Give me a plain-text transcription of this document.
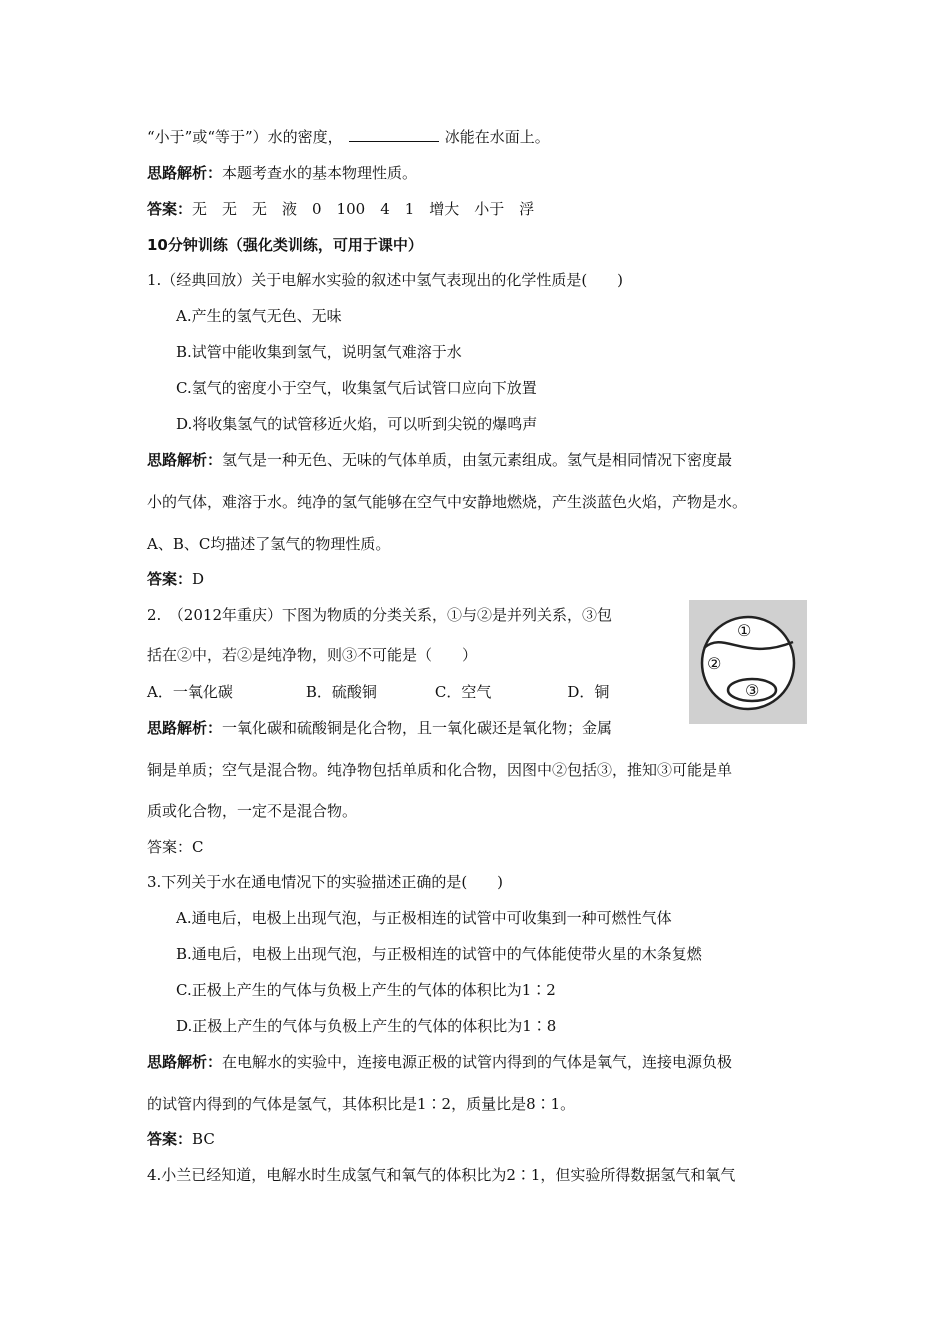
“小于”或“等于”）水的密度，	冰能在水面上。
思路解析：本题考查水的基本物理性质。
答案：无　无　无　液　0　100　4　1　增大　小于　浮
10分钟训练（强化类训练，可用于课中）
1.（经典回放）关于电解水实验的叙述中氢气表现出的化学性质是(　　)
A.产生的氢气无色、无味
B.试管中能收集到氢气，说明氢气难溶于水
C.氢气的密度小于空气，收集氢气后试管口应向下放置
D.将收集氢气的试管移近火焰，可以听到尖锐的爆鸣声
思路解析：氢气是一种无色、无味的气体单质，由氢元素组成。氢气是相同情况下密度最
小的气体，难溶于水。纯净的氢气能够在空气中安静地燃烧，产生淡蓝色火焰，产物是水。
A、B、C均描述了氢气的物理性质。
答案：D
2.　（2012年重庆）下图为物质的分类关系，①与②是并列关系，③包
括在②中，若②是纯净物，则③不可能是（　　）
A．一氧化碳	B．硫酸铜	C．空气	D．铜
①
②
③
思路解析：一氧化碳和硫酸铜是化合物，且一氧化碳还是氧化物；金属
铜是单质；空气是混合物。纯净物包括单质和化合物，因图中②包括③，推知③可能是单
质或化合物，一定不是混合物。
答案：C
3.下列关于水在通电情况下的实验描述正确的是(　　)
A.通电后，电极上出现气泡，与正极相连的试管中可收集到一种可燃性气体
B.通电后，电极上出现气泡，与正极相连的试管中的气体能使带火星的木条复燃
C.正极上产生的气体与负极上产生的气体的体积比为1∶2
D.正极上产生的气体与负极上产生的气体的体积比为1∶8
思路解析：在电解水的实验中，连接电源正极的试管内得到的气体是氧气，连接电源负极
的试管内得到的气体是氢气，其体积比是1∶2，质量比是8∶1。
答案：BC
4.小兰已经知道，电解水时生成氢气和氧气的体积比为2∶1，但实验所得数据氢气和氧气
